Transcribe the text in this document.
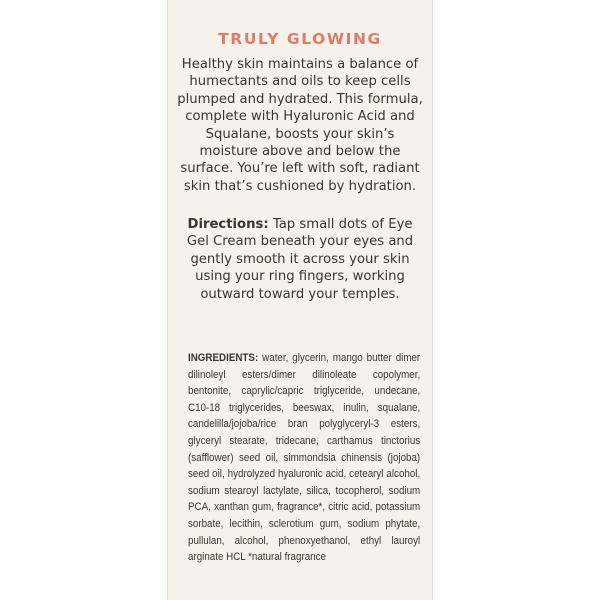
TRULY GLOWING

Healthy skin maintains a balance of humectants and oils to keep cells plumped and hydrated. This formula, complete with Hyaluronic Acid and Squalane, boosts your skin’s moisture above and below the surface. You’re left with soft, radiant skin that’s cushioned by hydration.

Directions: Tap small dots of Eye Gel Cream beneath your eyes and gently smooth it across your skin using your ring fingers, working outward toward your temples.

INGREDIENTS: water, glycerin, mango butter dimer dilinoleyl esters/dimer dilinoleate copolymer, bentonite, caprylic/capric triglyceride, undecane, C10-18 triglycerides, beeswax, inulin, squalane, candelilla/jojoba/rice bran polyglyceryl-3 esters, glyceryl stearate, tridecane, carthamus tinctorius (safflower) seed oil, simmondsia chinensis (jojoba) seed oil, hydrolyzed hyaluronic acid, cetearyl alcohol, sodium stearoyl lactylate, silica, tocopherol, sodium PCA, xanthan gum, fragrance*, citric acid, potassium sorbate, lecithin, sclerotium gum, sodium phytate, pullulan, alcohol, phenoxyethanol, ethyl lauroyl arginate HCL *natural fragrance
